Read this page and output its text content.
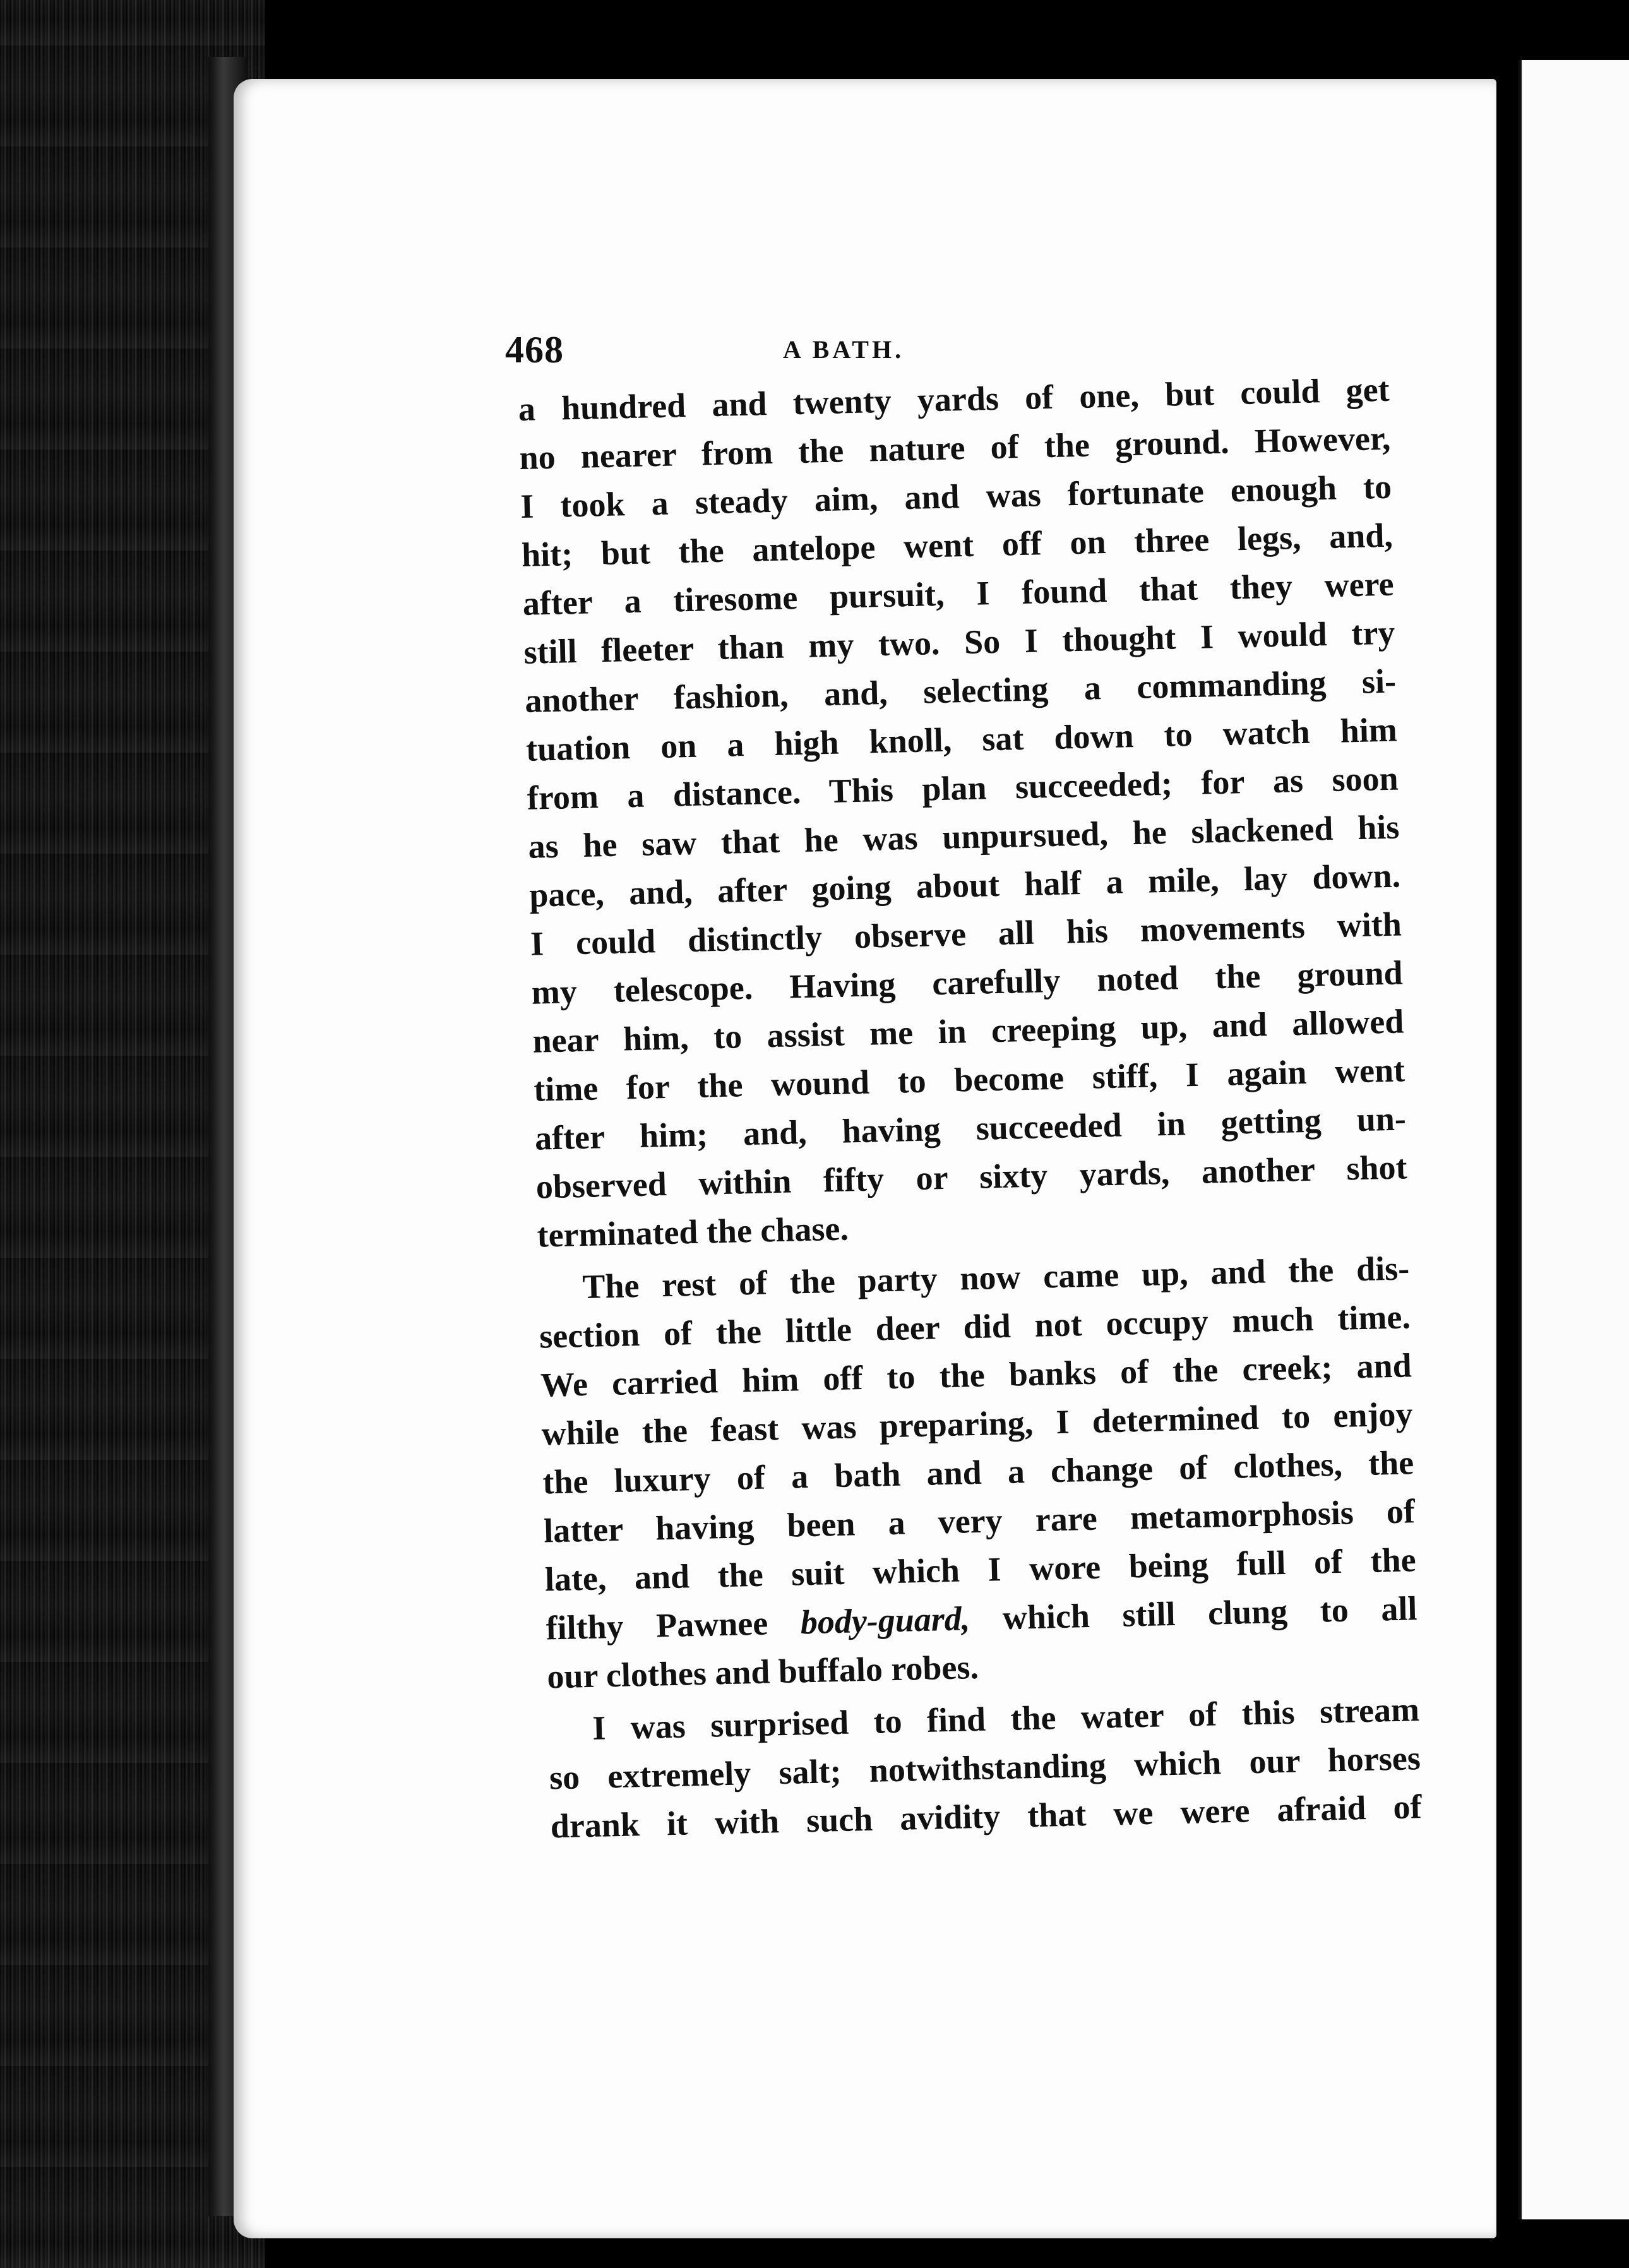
468	A BATH.
a hundred and twenty yards of one, but could get
no nearer from the nature of the ground. However,
I took a steady aim, and was fortunate enough to
hit; but the antelope went off on three legs, and,
after a tiresome pursuit, I found that they were
still fleeter than my two. So I thought I would try
another fashion, and, selecting a commanding si-
tuation on a high knoll, sat down to watch him
from a distance. This plan succeeded; for as soon
as he saw that he was unpursued, he slackened his
pace, and, after going about half a mile, lay down.
I could distinctly observe all his movements with
my telescope. Having carefully noted the ground
near him, to assist me in creeping up, and allowed
time for the wound to become stiff, I again went
after him; and, having succeeded in getting un-
observed within fifty or sixty yards, another shot
terminated the chase.
The rest of the party now came up, and the dis-
section of the little deer did not occupy much time.
We carried him off to the banks of the creek; and
while the feast was preparing, I determined to enjoy
the luxury of a bath and a change of clothes, the
latter having been a very rare metamorphosis of
late, and the suit which I wore being full of the
filthy Pawnee body-guard, which still clung to all
our clothes and buffalo robes.
I was surprised to find the water of this stream
so extremely salt; notwithstanding which our horses
drank it with such avidity that we were afraid of
